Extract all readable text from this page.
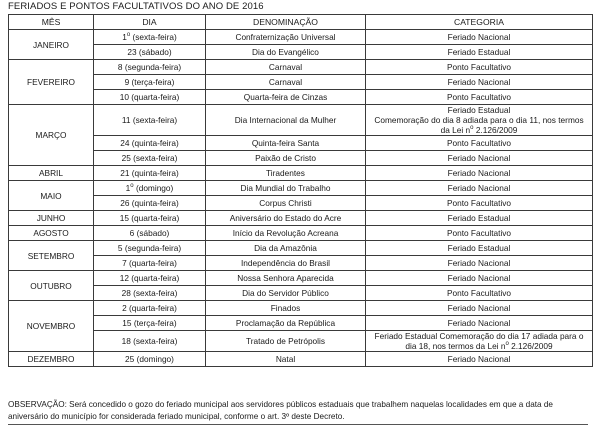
FERIADOS E PONTOS FACULTATIVOS DO ANO DE 2016
MÊS	DIA	DENOMINAÇÃO	CATEGORIA
JANEIRO	1$^o$ (sexta-feira)	Confraternização Universal	Feriado Nacional
	23 (sábado)	Dia do Evangélico	Feriado Estadual
FEVEREIRO	8 (segunda-feira)	Carnaval	Ponto Facultativo
	9 (terça-feira)	Carnaval	Feriado Nacional
	10 (quarta-feira)	Quarta-feira de Cinzas	Ponto Facultativo
MARÇO	11 (sexta-feira)	Dia Internacional da Mulher	Feriado Estadual
Comemoração do dia 8 adiada para o dia 11, nos termos
da Lei $n^o$ 2.126/2009

	24 (quinta-feira)	Quinta-feira Santa	Ponto Facultativo
	25 (sexta-feira)	Paixão de Cristo	Feriado Nacional
ABRIL	21 (quinta-feira)	Tiradentes	Feriado Nacional
MAIO	1$^o$ (domingo)	Dia Mundial do Trabalho	Feriado Nacional
	26 (quinta-feira)	Corpus Christi	Ponto Facultativo
JUNHO	15 (quarta-feira)	Aniversário do Estado do Acre	Feriado Estadual
AGOSTO	6 (sábado)	Início da Revolução Acreana	Ponto Facultativo
SETEMBRO	5 (segunda-feira)	Dia da Amazônia	Feriado Estadual
	7 (quarta-feira)	Independência do Brasil	Feriado Nacional
OUTUBRO	12 (quarta-feira)	Nossa Senhora Aparecida	Feriado Nacional
	28 (sexta-feira)	Dia do Servidor Público	Ponto Facultativo
NOVEMBRO	2 (quarta-feira)	Finados	Feriado Nacional
	15 (terça-feira)	Proclamação da República	Feriado Nacional
	18 (sexta-feira)	Tratado de Petrópolis	Feriado Estadual Comemoração do dia 17 adiada para o
dia 18, nos termos da Lei $n^o$ 2.126/2009

DEZEMBRO	25 (domingo)	Natal	Feriado Nacional
OBSERVAÇÃO: Será concedido o gozo do feriado municipal aos servidores públicos estaduais que trabalhem naquelas localidades em que a data de aniversário do município for considerada feriado municipal, conforme o art. 3º deste Decreto.
